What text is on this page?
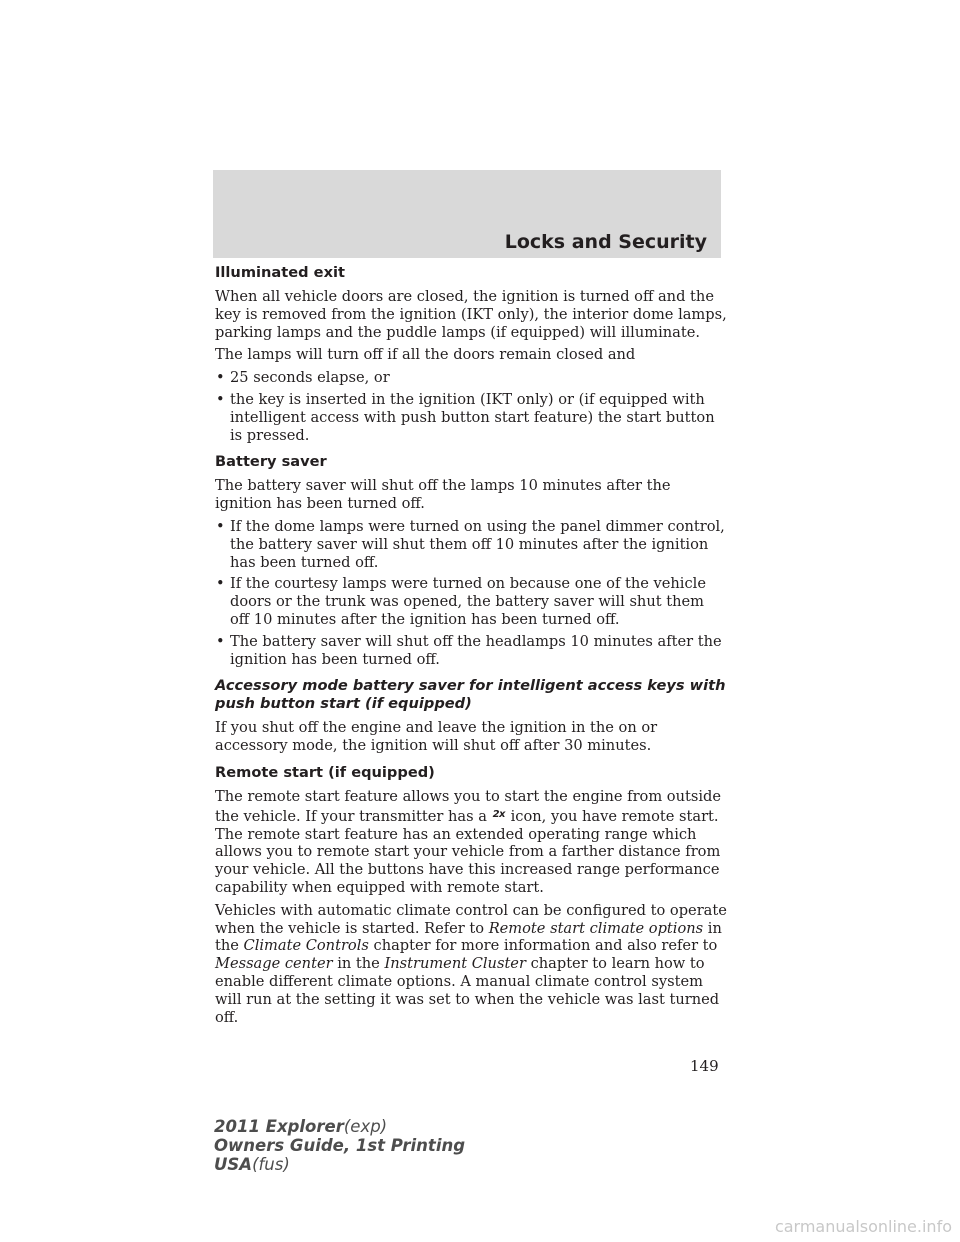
Locks and Security
Illuminated exit

When all vehicle doors are closed, the ignition is turned off and the key is removed from the ignition (IKT only), the interior dome lamps, parking lamps and the puddle lamps (if equipped) will illuminate.

The lamps will turn off if all the doors remain closed and

• 25 seconds elapse, or
• the key is inserted in the ignition (IKT only) or (if equipped with intelligent access with push button start feature) the start button is pressed.
Battery saver

The battery saver will shut off the lamps 10 minutes after the ignition has been turned off.

• If the dome lamps were turned on using the panel dimmer control, the battery saver will shut them off 10 minutes after the ignition has been turned off.
• If the courtesy lamps were turned on because one of the vehicle doors or the trunk was opened, the battery saver will shut them off 10 minutes after the ignition has been turned off.
• The battery saver will shut off the headlamps 10 minutes after the ignition has been turned off.
Accessory mode battery saver for intelligent access keys with push button start (if equipped)

If you shut off the engine and leave the ignition in the on or accessory mode, the ignition will shut off after 30 minutes.

Remote start (if equipped)

The remote start feature allows you to start the engine from outside the vehicle. If your transmitter has a 2x icon, you have remote start. The remote start feature has an extended operating range which allows you to remote start your vehicle from a farther distance from your vehicle. All the buttons have this increased range performance capability when equipped with remote start.

Vehicles with automatic climate control can be configured to operate when the vehicle is started. Refer to Remote start climate options in the Climate Controls chapter for more information and also refer to Message center in the Instrument Cluster chapter to learn how to enable different climate options. A manual climate control system will run at the setting it was set to when the vehicle was last turned off.

149
2011 Explorer(exp)
Owners Guide, 1st Printing
USA(fus)
carmanualsonline.info
